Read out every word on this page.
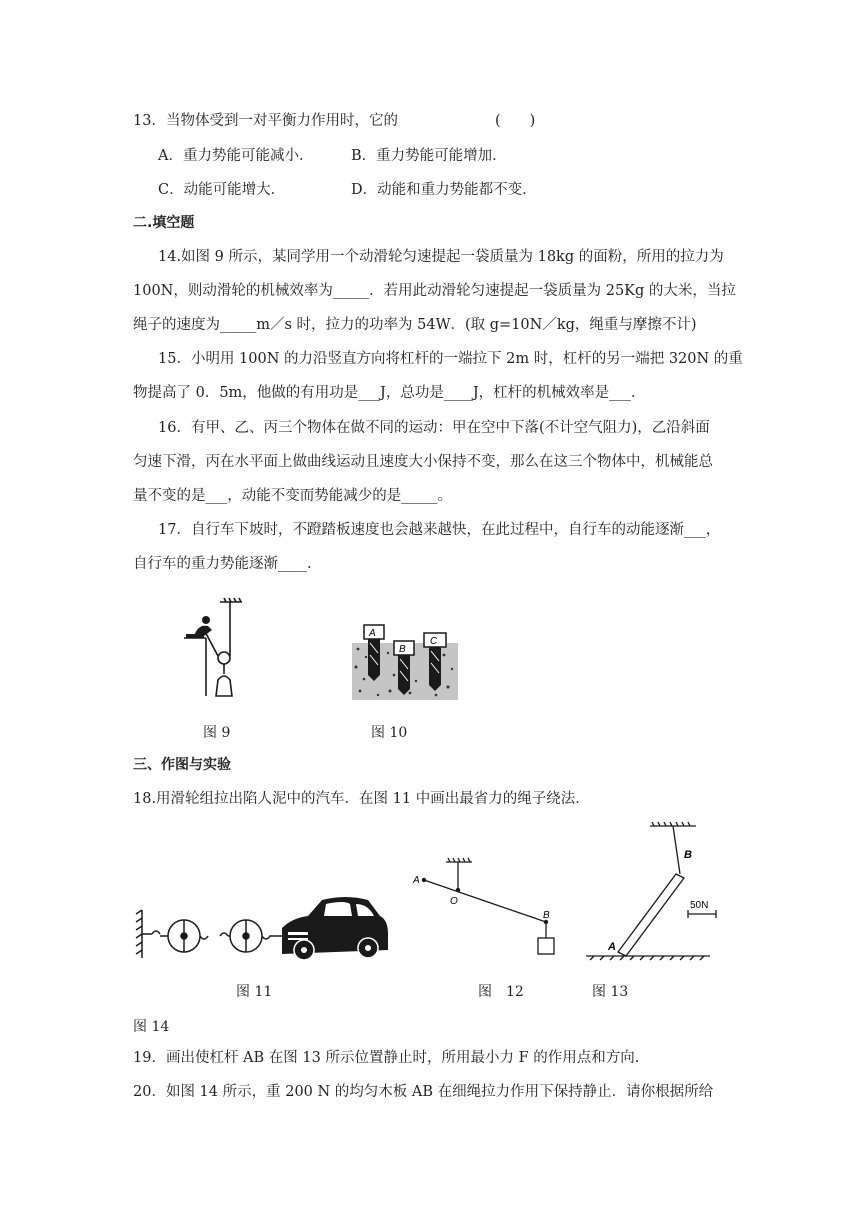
13．当物体受到一对平衡力作用时，它的	(　　)
A．重力势能可能减小．	B．重力势能可能增加．
C．动能可能增大．	D．动能和重力势能都不变．
二.填空题
14.如图 9 所示，某同学用一个动滑轮匀速提起一袋质量为 18kg 的面粉，所用的拉力为
100N，则动滑轮的机械效率为_____．若用此动滑轮匀速提起一袋质量为 25Kg 的大米，当拉
绳子的速度为_____m／s 时，拉力的功率为 54W．(取 g=10N／kg，绳重与摩擦不计)
15．小明用 100N 的力沿竖直方向将杠杆的一端拉下 2m 时，杠杆的另一端把 320N 的重
物提高了 0．5m，他做的有用功是___J，总功是____J，杠杆的机械效率是___．
16．有甲、乙、丙三个物体在做不同的运动：甲在空中下落(不计空气阻力)，乙沿斜面
匀速下滑，丙在水平面上做曲线运动且速度大小保持不变，那么在这三个物体中，机械能总
量不变的是___，动能不变而势能减少的是_____。
17．自行车下坡时，不蹬踏板速度也会越来越快，在此过程中，自行车的动能逐渐___，
自行车的重力势能逐渐____.
图 9
A
B
C
图 10
三、作图与实验
18.用滑轮组拉出陷人泥中的汽车．在图 11 中画出最省力的绳子绕法．
图 11
A
O
B
图　12
B
A
50N
图 13
图 14
19．画出使杠杆 AB 在图 13 所示位置静止时，所用最小力 F 的作用点和方向.
20．如图 14 所示，重 200 N 的均匀木板 AB 在细绳拉力作用下保持静止．请你根据所给
